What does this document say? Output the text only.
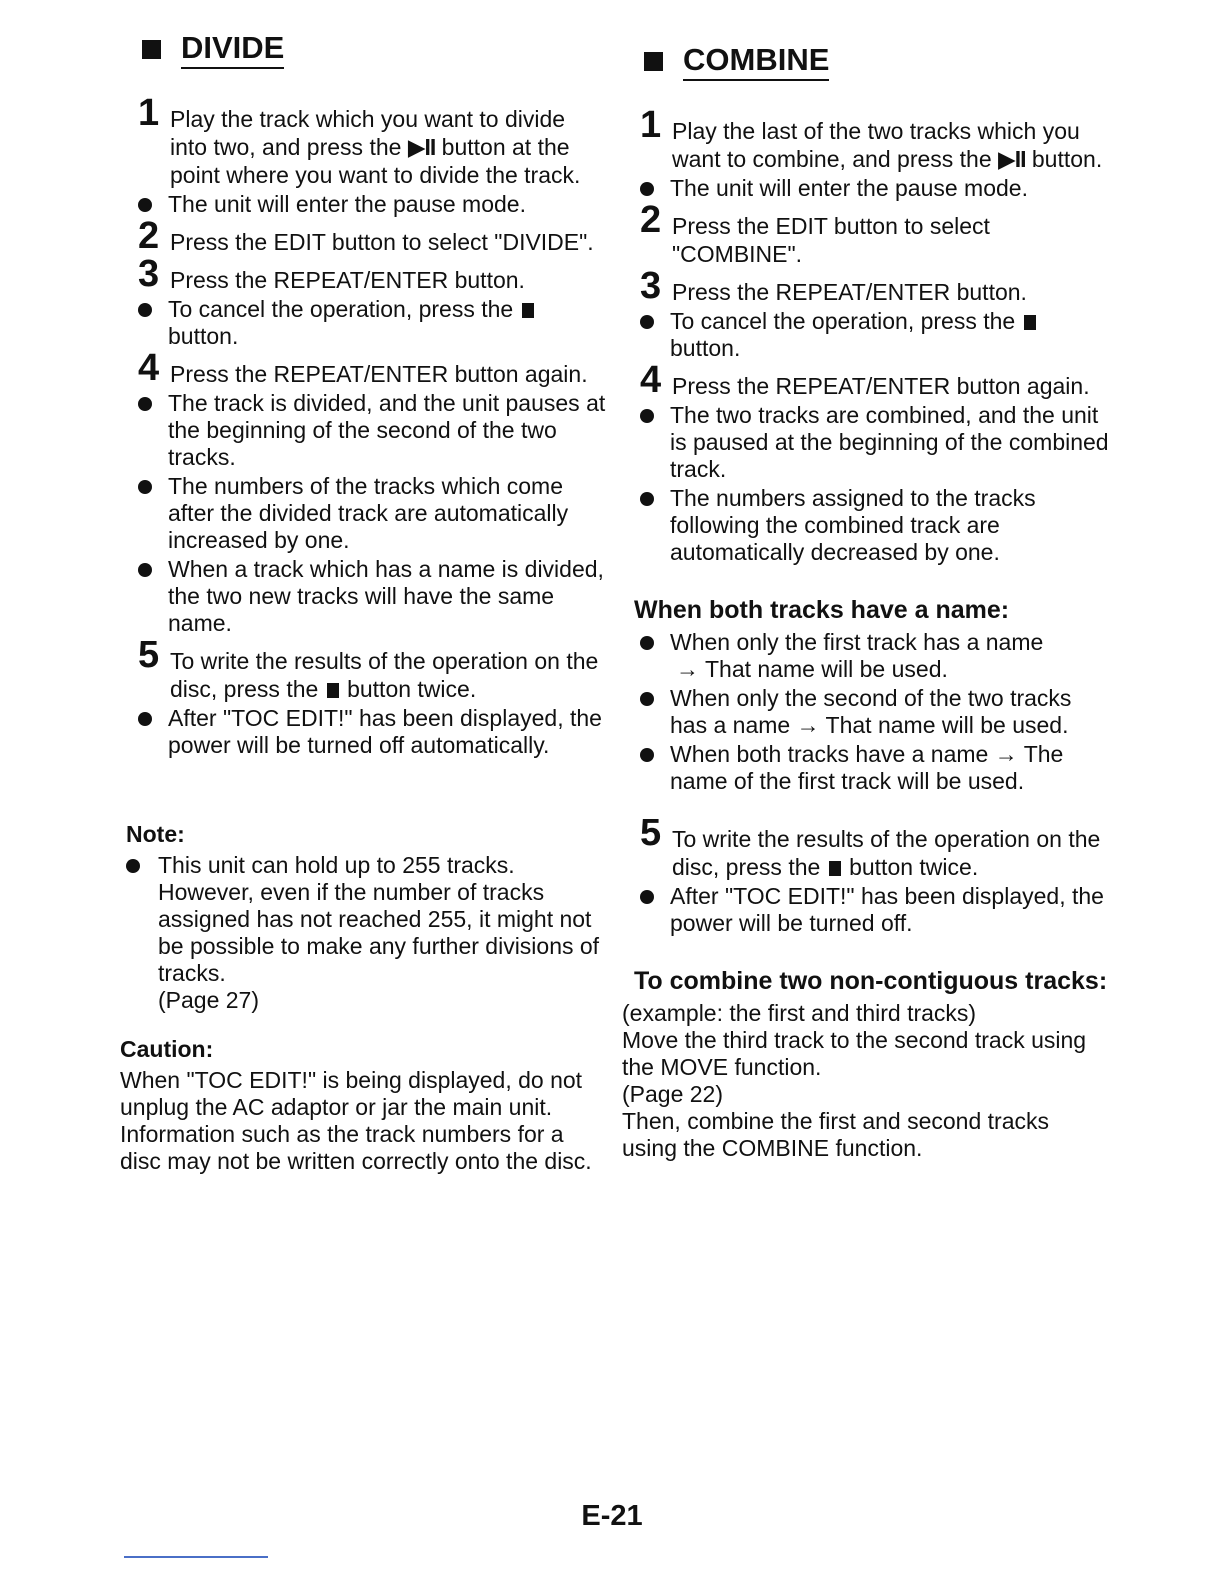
DIVIDE
1 Play the track which you want to divide into two, and press the ▶II button at the point where you want to divide the track.
The unit will enter the pause mode.
2 Press the EDIT button to select "DIVIDE".
3 Press the REPEAT/ENTER button.
To cancel the operation, press the  button.
4 Press the REPEAT/ENTER button again.
The track is divided, and the unit pauses at the beginning of the second of the two tracks.
The numbers of the tracks which come after the divided track are automatically increased by one.
When a track which has a name is divided, the two new tracks will have the same name.
5 To write the results of the operation on the disc, press the button twice.
After "TOC EDIT!" has been displayed, the power will be turned off automatically.
Note:
This unit can hold up to 255 tracks. However, even if the number of tracks assigned has not reached 255, it might not be possible to make any further divisions of tracks.
(Page 27)
Caution:
When "TOC EDIT!" is being displayed, do not unplug the AC adaptor or jar the main unit.
Information such as the track numbers for a disc may not be written correctly onto the disc.
COMBINE
1 Play the last of the two tracks which you want to combine, and press the ▶II button.
The unit will enter the pause mode.
2 Press the EDIT button to select "COMBINE".
3 Press the REPEAT/ENTER button.
To cancel the operation, press the  button.
4 Press the REPEAT/ENTER button again.
The two tracks are combined, and the unit is paused at the beginning of the combined track.
The numbers assigned to the tracks following the combined track are automatically decreased by one.
When both tracks have a name:
When only the first track has a name
→ That name will be used.
When only the second of the two tracks has a name → That name will be used.
When both tracks have a name → The name of the first track will be used.
5 To write the results of the operation on the disc, press the button twice.
After "TOC EDIT!" has been displayed, the power will be turned off.
To combine two non-contiguous tracks:
(example: the first and third tracks)
Move the third track to the second track using the MOVE function.
(Page 22)
Then, combine the first and second tracks using the COMBINE function.
E-21
